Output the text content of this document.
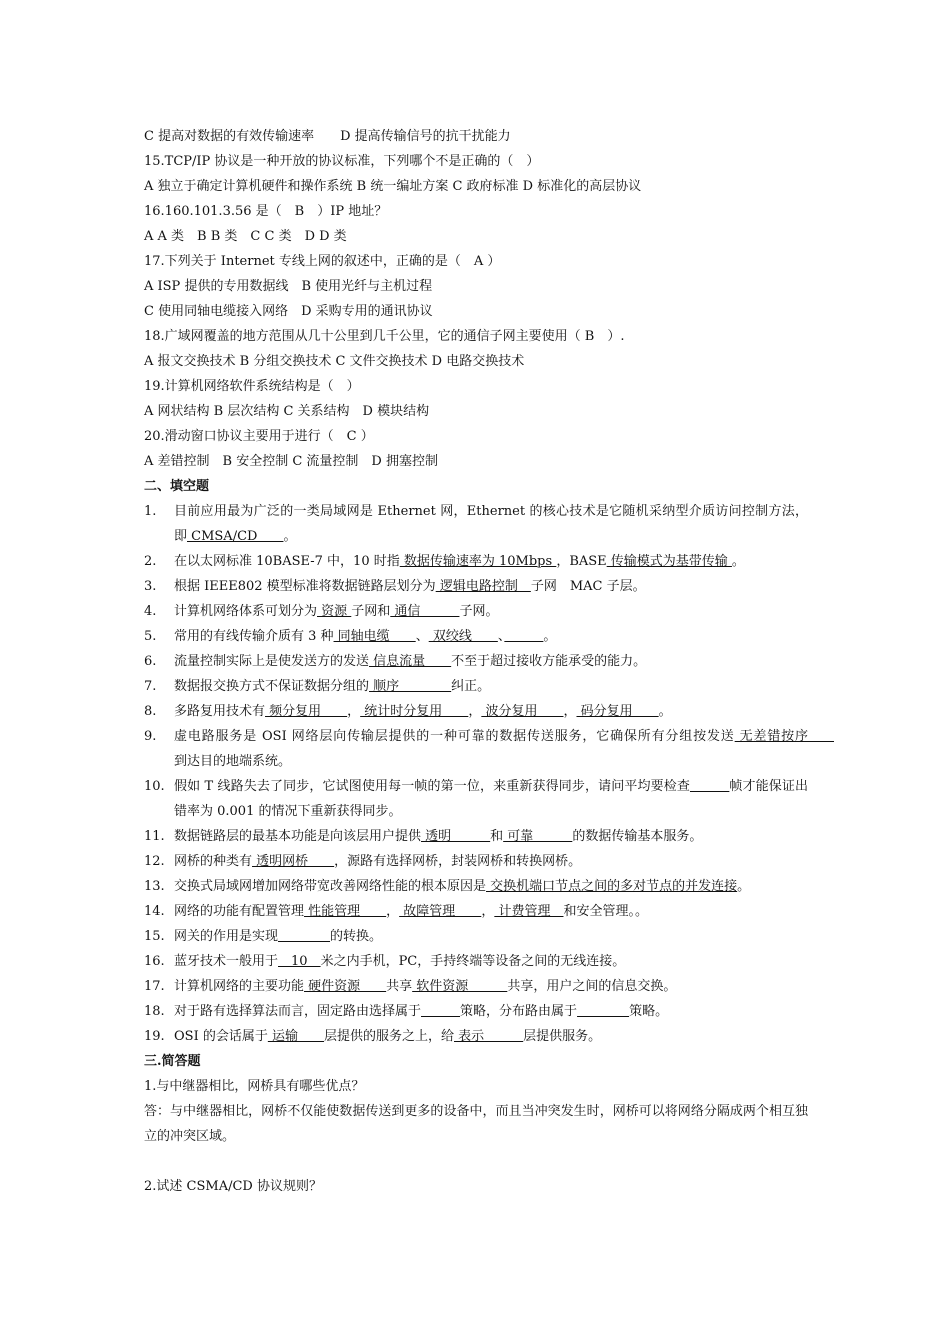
C 提高对数据的有效传输速率　　D 提高传输信号的抗干扰能力
15.TCP/IP 协议是一种开放的协议标准，下列哪个不是正确的（　）
A 独立于确定计算机硬件和操作系统 B 统一编址方案 C 政府标准 D 标准化的高层协议
16.160.101.3.56 是（　B　）IP 地址？
A A 类　B B 类　C C 类　D D 类
17.下列关于 Internet 专线上网的叙述中，正确的是（　A ）
A ISP 提供的专用数据线　B 使用光纤与主机过程
C 使用同轴电缆接入网络　D 采购专用的通讯协议
18.广域网覆盖的地方范围从几十公里到几千公里，它的通信子网主要使用（ B　）.
A 报文交换技术 B 分组交换技术 C 文件交换技术 D 电路交换技术
19.计算机网络软件系统结构是（　）
A 网状结构 B 层次结构 C 关系结构　D 模块结构
20.滑动窗口协议主要用于进行（　C ）
A 差错控制　B 安全控制 C 流量控制　D 拥塞控制
二、填空题
1.	目前应用最为广泛的一类局域网是 Ethernet 网，Ethernet 的核心技术是它随机采纳型介质访问控制方法，即 CMSA/CD　　。
2.	在以太网标准 10BASE-7 中，10 时指 数据传输速率为 10Mbps ，BASE 传输模式为基带传输 。
3.	根据 IEEE802 模型标准将数据链路层划分为 逻辑电路控制　子网　MAC 子层。
4.	计算机网络体系可划分为 资源 子网和 通信　　　子网。
5.	常用的有线传输介质有 3 种 同轴电缆　　、 双绞线　　、　　　	。
6.	流量控制实际上是使发送方的发送 信息流量　　不至于超过接收方能承受的能力。
7.	数据报交换方式不保证数据分组的 顺序　　　　纠正。
8.	多路复用技术有 频分复用　　， 统计时分复用　　， 波分复用　　， 码分复用　　。
9.	虚电路服务是 OSI 网络层向传输层提供的一种可靠的数据传送服务，它确保所有分组按发送 无差错按序　　到达目的地端系统。
10. 假如 T 线路失去了同步，它试图使用每一帧的第一位，来重新获得同步，请问平均要检查　　　	帧才能保证出错率为 0.001 的情况下重新获得同步。
11. 数据链路层的最基本功能是向该层用户提供 透明　　　和 可靠　　　的数据传输基本服务。
12. 网桥的种类有 透明网桥　　，源路有选择网桥，封装网桥和转换网桥。
13. 交换式局域网增加网络带宽改善网络性能的根本原因是 交换机端口节点之间的多对节点的并发连接。
14. 网络的功能有配置管理 性能管理　　， 故障管理　　， 计费管理　和安全管理。。
15. 网关的作用是实现　　　　	的转换。
16. 蓝牙技术一般用于　10　米之内手机，PC，手持终端等设备之间的无线连接。
17. 计算机网络的主要功能 硬件资源　　共享 软件资源　　　共享，用户之间的信息交换。
18. 对于路有选择算法而言，固定路由选择属于　　　	策略，分布路由属于　　　　	策略。
19. OSI 的会话属于 运输　　层提供的服务之上，给 表示　　　层提供服务。
三.简答题
1.与中继器相比，网桥具有哪些优点？
答：与中继器相比，网桥不仅能使数据传送到更多的设备中，而且当冲突发生时，网桥可以将网络分隔成两个相互独立的冲突区域。
2.试述 CSMA/CD 协议规则？
